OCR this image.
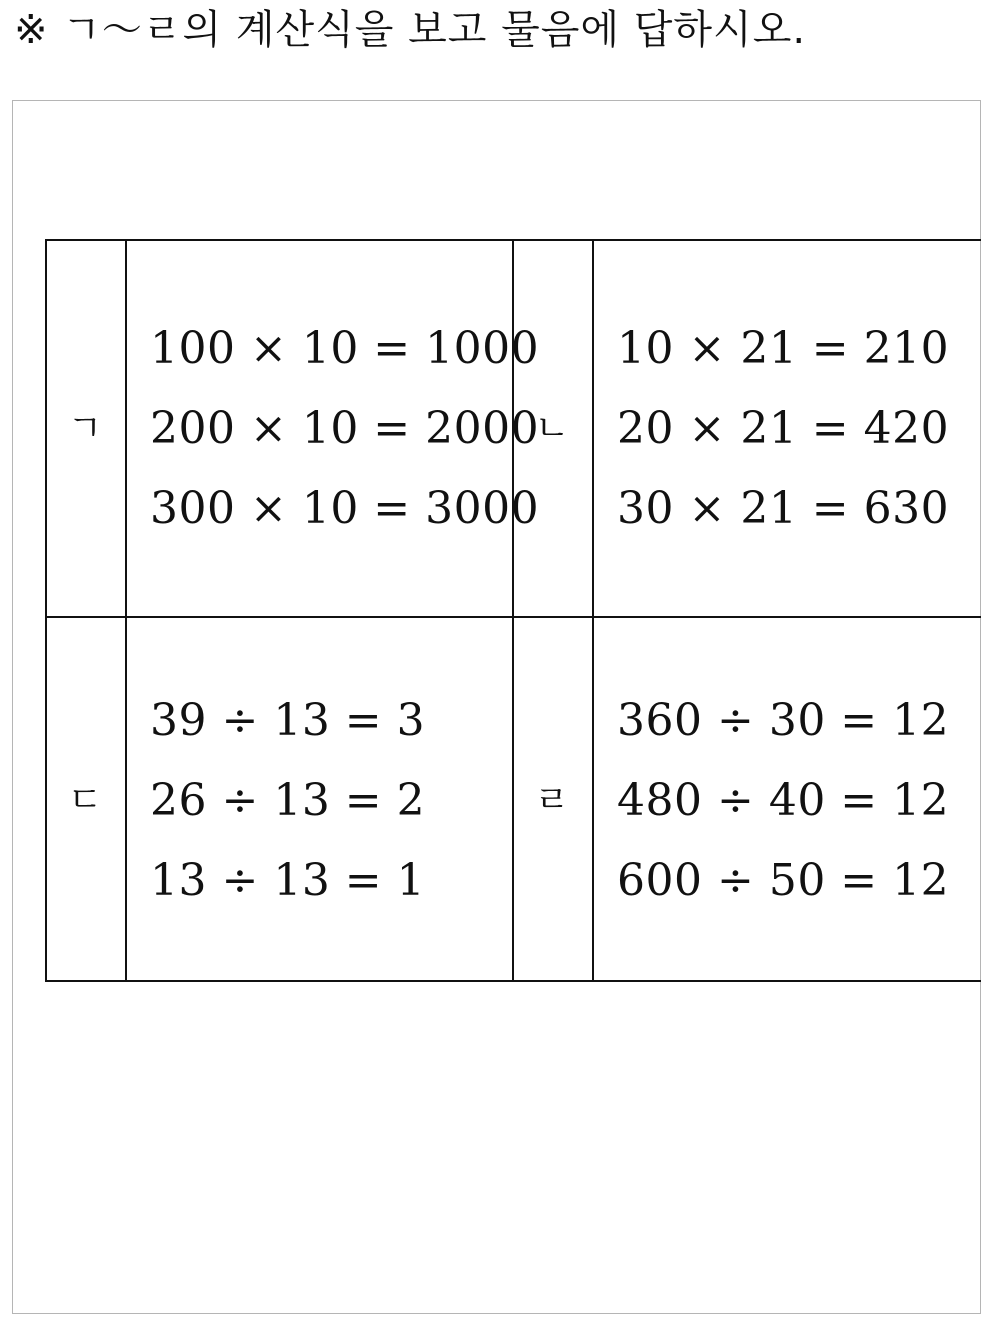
※ ㄱ～ㄹ의 계산식을 보고 물음에 답하시오.
ㄱ
100 × 10 = 1000
200 × 10 = 2000
300 × 10 = 3000
ㄴ
10 × 21 = 210
20 × 21 = 420
30 × 21 = 630
ㄷ
39 ÷ 13 = 3
26 ÷ 13 = 2
13 ÷ 13 = 1
ㄹ
360 ÷ 30 = 12
480 ÷ 40 = 12
600 ÷ 50 = 12
